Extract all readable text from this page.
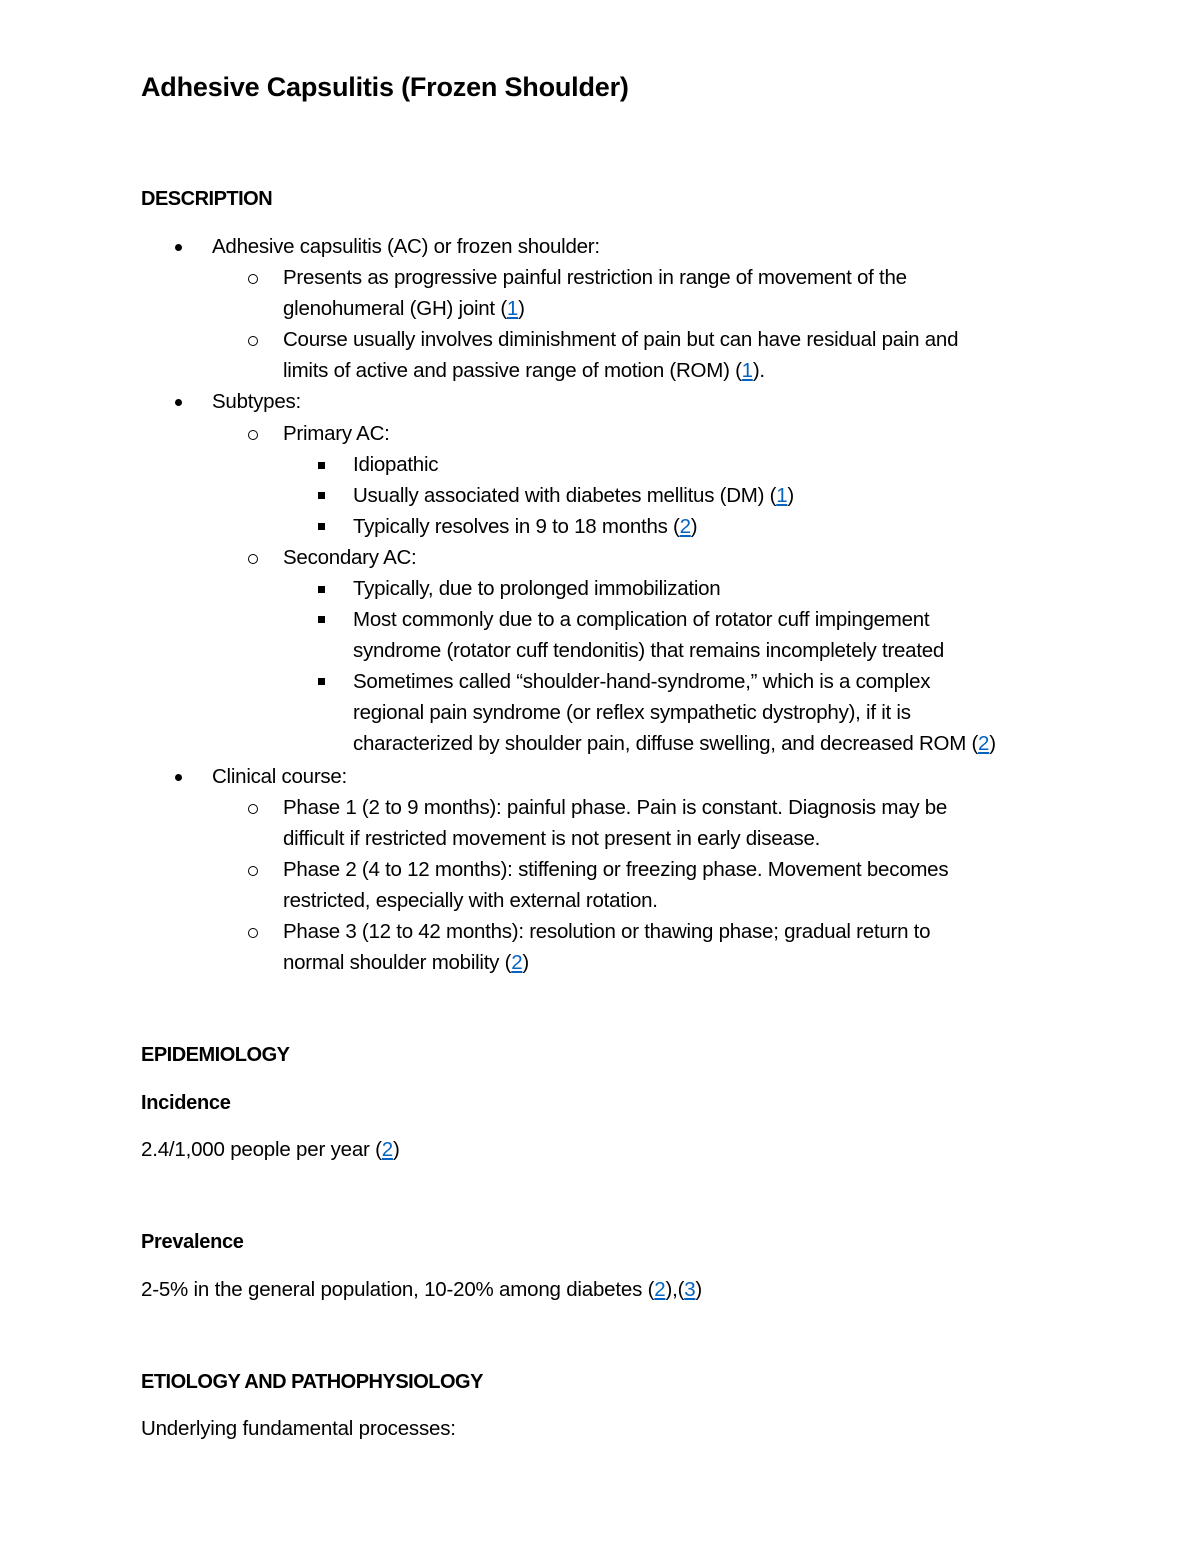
Adhesive Capsulitis (Frozen Shoulder)
DESCRIPTION
Adhesive capsulitis (AC) or frozen shoulder:
Presents as progressive painful restriction in range of movement of the
glenohumeral (GH) joint (1)
Course usually involves diminishment of pain but can have residual pain and
limits of active and passive range of motion (ROM) (1).
Subtypes:
Primary AC:
Idiopathic
Usually associated with diabetes mellitus (DM) (1)
Typically resolves in 9 to 18 months (2)
Secondary AC:
Typically, due to prolonged immobilization
Most commonly due to a complication of rotator cuff impingement
syndrome (rotator cuff tendonitis) that remains incompletely treated
Sometimes called “shoulder-hand-syndrome,” which is a complex
regional pain syndrome (or reflex sympathetic dystrophy), if it is
characterized by shoulder pain, diffuse swelling, and decreased ROM (2)
Clinical course:
Phase 1 (2 to 9 months): painful phase. Pain is constant. Diagnosis may be
difficult if restricted movement is not present in early disease.
Phase 2 (4 to 12 months): stiffening or freezing phase. Movement becomes
restricted, especially with external rotation.
Phase 3 (12 to 42 months): resolution or thawing phase; gradual return to
normal shoulder mobility (2)
EPIDEMIOLOGY
Incidence
2.4/1,000 people per year (2)
Prevalence
2-5% in the general population, 10-20% among diabetes (2),(3)
ETIOLOGY AND PATHOPHYSIOLOGY
Underlying fundamental processes:
